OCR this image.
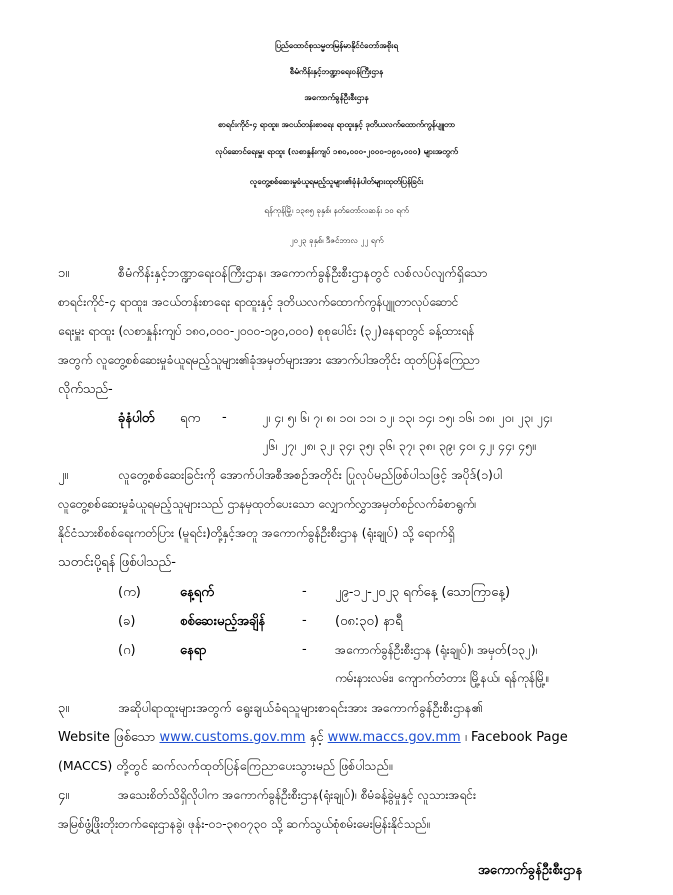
ပြည်ထောင်စုသမ္မတမြန်မာနိုင်ငံတော်အစိုးရ
စီမံကိန်းနှင့်ဘဏ္ဍာရေးဝန်ကြီးဌာန
အကောက်ခွန်ဦးစီးဌာန
စာရင်းကိုင်-၄ ရာထူး၊ အငယ်တန်းစာရေး ရာထူးနှင့် ဒုတိယလက်ထောက်ကွန်ပျူတာ
လုပ်ဆောင်ရေးမှူး ရာထူး (လစာနှုန်းကျပ် ၁၈၀,၀၀၀-၂၀၀၀-၁၉၀,၀၀၀) များအတွက်
လူတွေ့စစ်ဆေးမှုခံယူရမည့်သူများ၏ခုံနံပါတ်များထုတ်ပြန်ခြင်း
ရန်ကုန်မြို့၊ ၁၃၈၅ ခုနှစ်၊ နတ်တော်လဆန်း ၁၀ ရက်
၂၀၂၃ ခုနှစ်၊ ဒီဇင်ဘာလ ၂၂ ရက်
၁။	စီမံကိန်းနှင့်ဘဏ္ဍာရေးဝန်ကြီးဌာန၊ အကောက်ခွန်ဦးစီးဌာနတွင် လစ်လပ်လျက်ရှိသော
စာရင်းကိုင်-၄ ရာထူး၊ အငယ်တန်းစာရေး ရာထူးနှင့် ဒုတိယလက်ထောက်ကွန်ပျူတာလုပ်ဆောင်
ရေးမှူး ရာထူး (လစာနှုန်းကျပ် ၁၈၀,၀၀၀-၂၀၀၀-၁၉၀,၀၀၀) စုစုပေါင်း (၃၂)နေရာတွင် ခန့်ထားရန်
အတွက် လူတွေ့စစ်ဆေးမှုခံယူရမည့်သူများ၏ခုံအမှတ်များအား အောက်ပါအတိုင်း ထုတ်ပြန်ကြေညာ
လိုက်သည်-
ခုံနံပါတ် ရက -	၂၊ ၄၊ ၅၊ ၆၊ ၇၊ ၈၊ ၁၀၊ ၁၁၊ ၁၂၊ ၁၃၊ ၁၄၊ ၁၅၊ ၁၆၊ ၁၈၊ ၂၀၊ ၂၃၊ ၂၄၊
၂၆၊ ၂၇၊ ၂၈၊ ၃၂၊ ၃၄၊ ၃၅၊ ၃၆၊ ၃၇၊ ၃၈၊ ၃၉၊ ၄၀၊ ၄၂၊ ၄၄၊ ၄၅။
၂။	လူတွေ့စစ်ဆေးခြင်းကို အောက်ပါအစီအစဉ်အတိုင်း ပြုလုပ်မည်ဖြစ်ပါသဖြင့် အပိုဒ်(၁)ပါ
လူတွေ့စစ်ဆေးမှုခံယူရမည့်သူများသည် ဌာနမှထုတ်ပေးသော လျှောက်လွှာအမှတ်စဉ်လက်ခံစာရွက်၊
နိုင်ငံသားစိစစ်ရေးကတ်ပြား (မူရင်း)တို့နှင့်အတူ အကောက်ခွန်ဦးစီးဌာန (ရုံးချုပ်) သို့ ရောက်ရှိ
သတင်းပို့ရန် ဖြစ်ပါသည်-
(က)	နေ့ရက်	- ၂၉-၁၂-၂၀၂၃ ရက်နေ့ (သောကြာနေ့)
(ခ)	စစ်ဆေးမည့်အချိန်	- (၀၈:၃၀) နာရီ
(ဂ)	နေရာ	- အကောက်ခွန်ဦးစီးဌာန (ရုံးချုပ်)၊ အမှတ်(၁၃၂)၊
ကမ်းနားလမ်း၊ ကျောက်တံတား မြို့နယ်၊ ရန်ကုန်မြို့။
၃။	အဆိုပါရာထူးများအတွက် ရွေးချယ်ခံရသူများစာရင်းအား အကောက်ခွန်ဦးစီးဌာန၏
Website ဖြစ်သော www.customs.gov.mm နှင့် www.maccs.gov.mm ၊ Facebook Page
(MACCS) တို့တွင် ဆက်လက်ထုတ်ပြန်ကြေညာပေးသွားမည် ဖြစ်ပါသည်။
၄။	အသေးစိတ်သိရှိလိုပါက အကောက်ခွန်ဦးစီးဌာန(ရုံးချုပ်)၊ စီမံခန့်ခွဲမှုနှင့် လူသားအရင်း
အမြစ်ဖွံ့ဖြိုးတိုးတက်ရေးဌာနခွဲ၊ ဖုန်း-၀၁-၃၈၀၇၃၀ သို့ ဆက်သွယ်စုံစမ်းမေးမြန်းနိုင်သည်။
အကောက်ခွန်ဦးစီးဌာန
